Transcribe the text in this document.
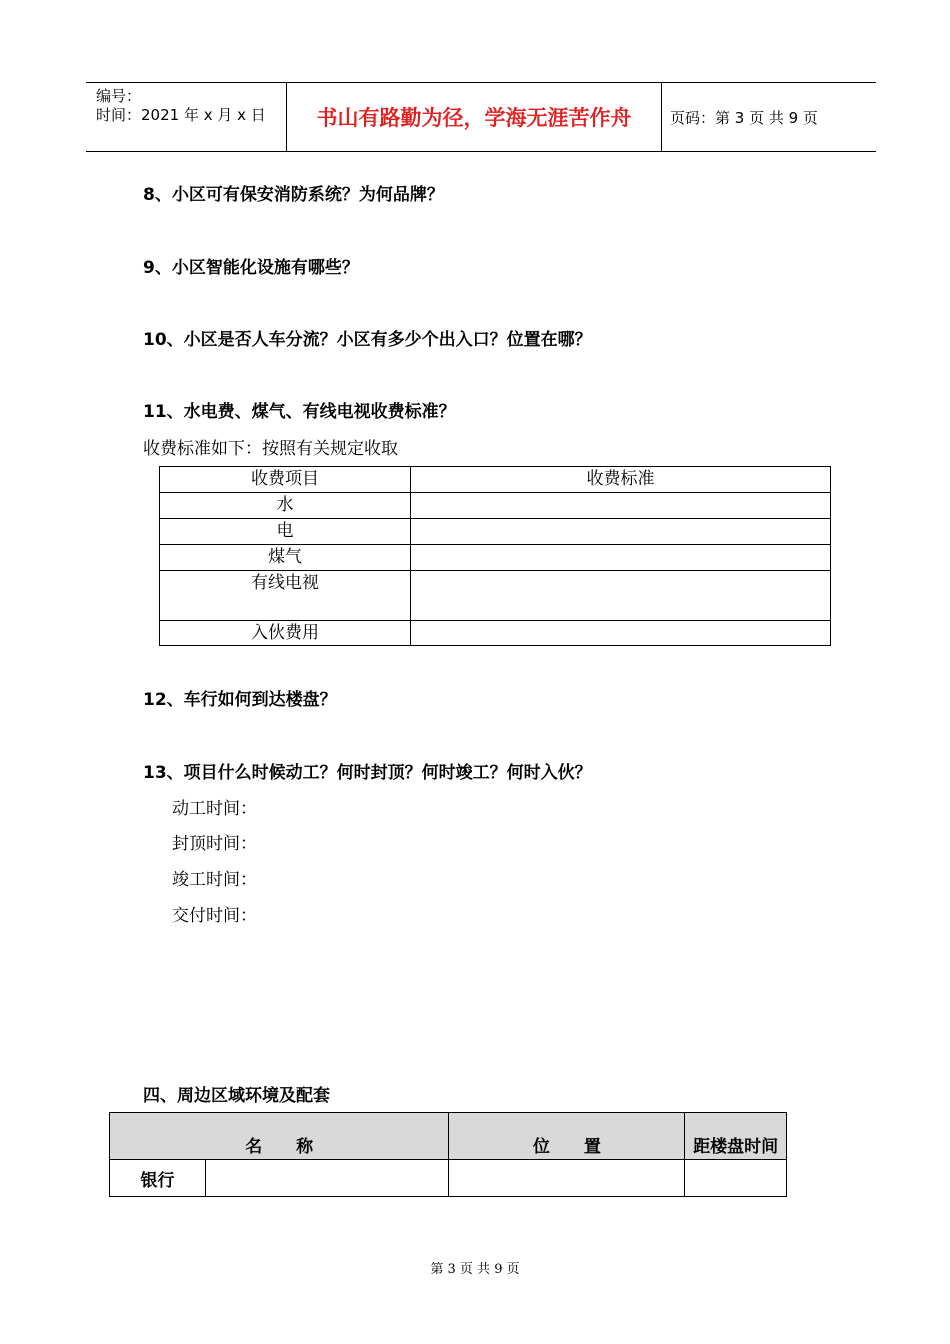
编号：
时间：2021 年 x 月 x 日	书山有路勤为径，学海无涯苦作舟	页码：第 3 页 共 9 页
8、小区可有保安消防系统？为何品牌？
9、小区智能化设施有哪些？
10、小区是否人车分流？小区有多少个出入口？位置在哪？
11、水电费、煤气、有线电视收费标准？
收费标准如下：按照有关规定收取
收费项目	收费标准
水	
电	
煤气	
有线电视	
入伙费用	
12、车行如何到达楼盘？
13、项目什么时候动工？何时封顶？何时竣工？何时入伙？
动工时间：
封顶时间：
竣工时间：
交付时间：
四、周边区域环境及配套
名　　称		位　　置	距楼盘时间
银行			
第 3 页 共 9 页
